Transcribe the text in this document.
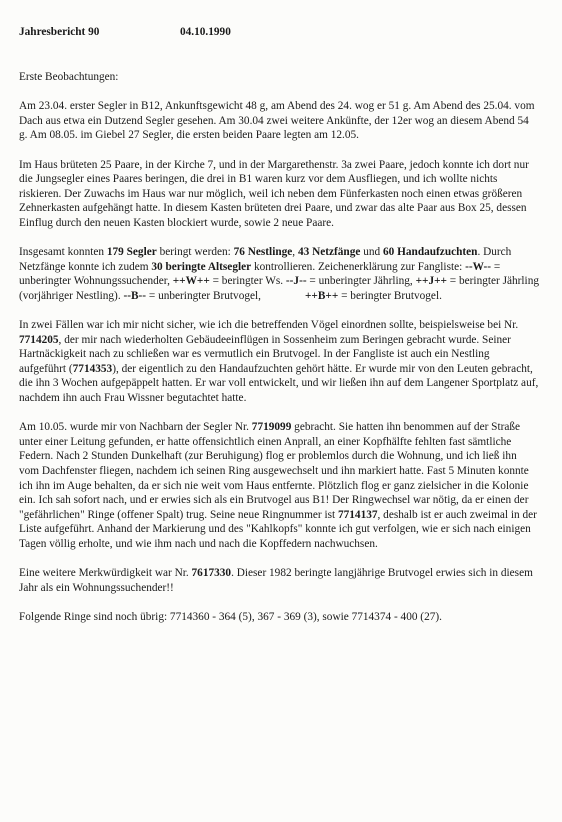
Jahresbericht 90	04.10.1990

Erste Beobachtungen:

Am 23.04. erster Segler in B12, Ankunftsgewicht 48 g, am Abend des 24. wog er 51 g. Am Abend des 25.04. vom Dach aus etwa ein Dutzend Segler gesehen. Am 30.04 zwei weitere Ankünfte, der 12er wog an diesem Abend 54 g. Am 08.05. im Giebel 27 Segler, die ersten beiden Paare legten am 12.05.

Im Haus brüteten 25 Paare, in der Kirche 7, und in der Margarethenstr. 3a zwei Paare, jedoch konnte ich dort nur die Jungsegler eines Paares beringen, die drei in B1 waren kurz vor dem Ausfliegen, und ich wollte nichts riskieren. Der Zuwachs im Haus war nur möglich, weil ich neben dem Fünferkasten noch einen etwas größeren Zehnerkasten aufgehängt hatte. In diesem Kasten brüteten drei Paare, und zwar das alte Paar aus Box 25, dessen Einflug durch den neuen Kasten blockiert wurde, sowie 2 neue Paare.

Insgesamt konnten 179 Segler beringt werden: 76 Nestlinge, 43 Netzfänge und 60 Handaufzuchten. Durch Netzfänge konnte ich zudem 30 beringte Altsegler kontrollieren. Zeichenerklärung zur Fangliste: --W-- = unberingter Wohnungssuchender, ++W++ = beringter Ws. --J-- = unberingter Jährling, ++J++ = beringter Jährling (vorjähriger Nestling). --B-- = unberingter Brutvogel,	++B++ = beringter Brutvogel.

In zwei Fällen war ich mir nicht sicher, wie ich die betreffenden Vögel einordnen sollte, beispielsweise bei Nr. 7714205, der mir nach wiederholten Gebäudeeinflügen in Sossenheim zum Beringen gebracht wurde. Seiner Hartnäckigkeit nach zu schließen war es vermutlich ein Brutvogel. In der Fangliste ist auch ein Nestling aufgeführt (7714353), der eigentlich zu den Handaufzuchten gehört hätte. Er wurde mir von den Leuten gebracht, die ihn 3 Wochen aufgepäppelt hatten. Er war voll entwickelt, und wir ließen ihn auf dem Langener Sportplatz auf, nachdem ihn auch Frau Wissner begutachtet hatte.

Am 10.05. wurde mir von Nachbarn der Segler Nr. 7719099 gebracht. Sie hatten ihn benommen auf der Straße unter einer Leitung gefunden, er hatte offensichtlich einen Anprall, an einer Kopfhälfte fehlten fast sämtliche Federn. Nach 2 Stunden Dunkelhaft (zur Beruhigung) flog er problemlos durch die Wohnung, und ich ließ ihn vom Dachfenster fliegen, nachdem ich seinen Ring ausgewechselt und ihn markiert hatte. Fast 5 Minuten konnte ich ihn im Auge behalten, da er sich nie weit vom Haus entfernte. Plötzlich flog er ganz zielsicher in die Kolonie ein. Ich sah sofort nach, und er erwies sich als ein Brutvogel aus B1! Der Ringwechsel war nötig, da er einen der "gefährlichen" Ringe (offener Spalt) trug. Seine neue Ringnummer ist 7714137, deshalb ist er auch zweimal in der Liste aufgeführt. Anhand der Markierung und des "Kahlkopfs" konnte ich gut verfolgen, wie er sich nach einigen Tagen völlig erholte, und wie ihm nach und nach die Kopffedern nachwuchsen.

Eine weitere Merkwürdigkeit war Nr. 7617330. Dieser 1982 beringte langjährige Brutvogel erwies sich in diesem Jahr als ein Wohnungssuchender!!

Folgende Ringe sind noch übrig: 7714360 - 364 (5), 367 - 369 (3), sowie 7714374 - 400 (27).
